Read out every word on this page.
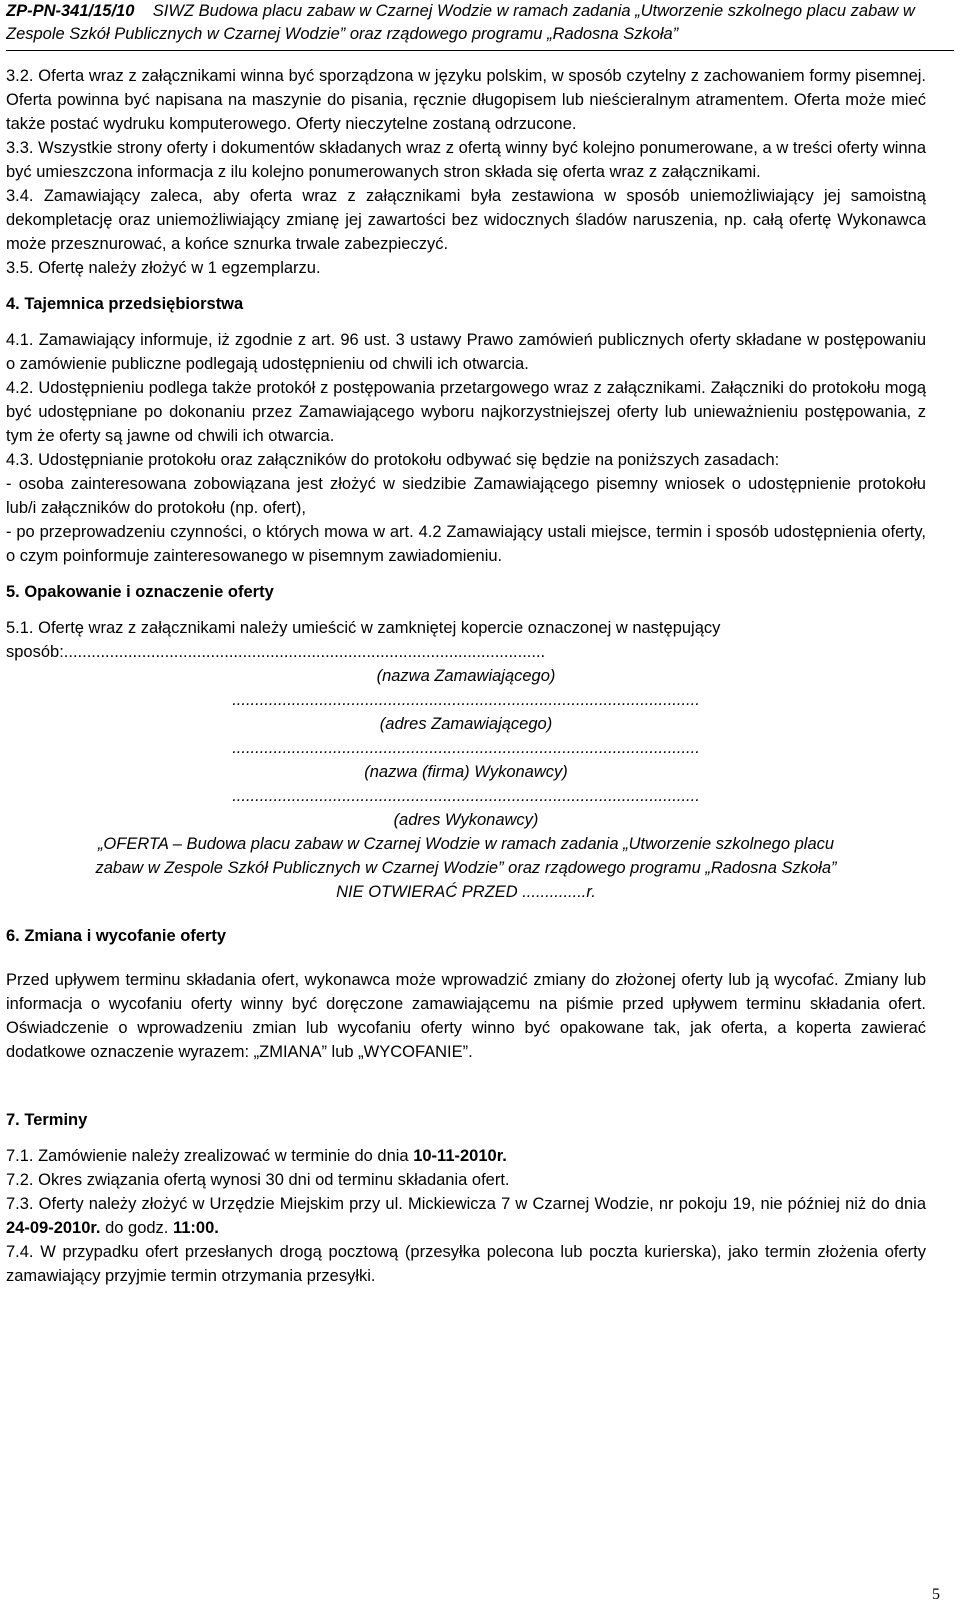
ZP-PN-341/15/10 SIWZ Budowa placu zabaw w Czarnej Wodzie w ramach zadania „Utworzenie szkolnego placu zabaw w
Zespole Szkół Publicznych w Czarnej Wodzie” oraz rządowego programu „Radosna Szkoła”

3.2. Oferta wraz z załącznikami winna być sporządzona w języku polskim, w sposób czytelny z zachowaniem formy pisemnej. Oferta powinna być napisana na maszynie do pisania, ręcznie długopisem lub nieścieralnym atramentem. Oferta może mieć także postać wydruku komputerowego. Oferty nieczytelne zostaną odrzucone.

3.3. Wszystkie strony oferty i dokumentów składanych wraz z ofertą winny być kolejno ponumerowane, a w treści oferty winna być umieszczona informacja z ilu kolejno ponumerowanych stron składa się oferta wraz z załącznikami.

3.4. Zamawiający zaleca, aby oferta wraz z załącznikami była zestawiona w sposób uniemożliwiający jej samoistną dekompletację oraz uniemożliwiający zmianę jej zawartości bez widocznych śladów naruszenia, np. całą ofertę Wykonawca może przesznurować, a końce sznurka trwale zabezpieczyć.

3.5. Ofertę należy złożyć w 1 egzemplarzu.

4. Tajemnica przedsiębiorstwa

4.1. Zamawiający informuje, iż zgodnie z art. 96 ust. 3 ustawy Prawo zamówień publicznych oferty składane w postępowaniu o zamówienie publiczne podlegają udostępnieniu od chwili ich otwarcia.

4.2. Udostępnieniu podlega także protokół z postępowania przetargowego wraz z załącznikami. Załączniki do protokołu mogą być udostępniane po dokonaniu przez Zamawiającego wyboru najkorzystniejszej oferty lub unieważnieniu postępowania, z tym że oferty są jawne od chwili ich otwarcia.

4.3. Udostępnianie protokołu oraz załączników do protokołu odbywać się będzie na poniższych zasadach:

- osoba zainteresowana zobowiązana jest złożyć w siedzibie Zamawiającego pisemny wniosek o udostępnienie protokołu lub/i załączników do protokołu (np. ofert),

- po przeprowadzeniu czynności, o których mowa w art. 4.2 Zamawiający ustali miejsce, termin i sposób udostępnienia oferty, o czym poinformuje zainteresowanego w pisemnym zawiadomieniu.

5. Opakowanie i oznaczenie oferty

5.1. Ofertę wraz z załącznikami należy umieścić w zamkniętej kopercie oznaczonej w następujący sposób:.........................................................................................................

(nazwa Zamawiającego)

......................................................................................................

(adres Zamawiającego)

......................................................................................................

(nazwa (firma) Wykonawcy)

......................................................................................................

(adres Wykonawcy)

„OFERTA – Budowa placu zabaw w Czarnej Wodzie w ramach zadania „Utworzenie szkolnego placu

zabaw w Zespole Szkół Publicznych w Czarnej Wodzie” oraz rządowego programu „Radosna Szkoła”

NIE OTWIERAĆ PRZED ..............r.

6. Zmiana i wycofanie oferty

Przed upływem terminu składania ofert, wykonawca może wprowadzić zmiany do złożonej oferty lub ją wycofać. Zmiany lub informacja o wycofaniu oferty winny być doręczone zamawiającemu na piśmie przed upływem terminu składania ofert. Oświadczenie o wprowadzeniu zmian lub wycofaniu oferty winno być opakowane tak, jak oferta, a koperta zawierać dodatkowe oznaczenie wyrazem: „ZMIANA” lub „WYCOFANIE”.

7. Terminy

7.1. Zamówienie należy zrealizować w terminie do dnia 10-11-2010r.

7.2. Okres związania ofertą wynosi 30 dni od terminu składania ofert.

7.3. Oferty należy złożyć w Urzędzie Miejskim przy ul. Mickiewicza 7 w Czarnej Wodzie, nr pokoju 19, nie później niż do dnia 24-09-2010r. do godz. 11:00.

7.4. W przypadku ofert przesłanych drogą pocztową (przesyłka polecona lub poczta kurierska), jako termin złożenia oferty zamawiający przyjmie termin otrzymania przesyłki.

5
